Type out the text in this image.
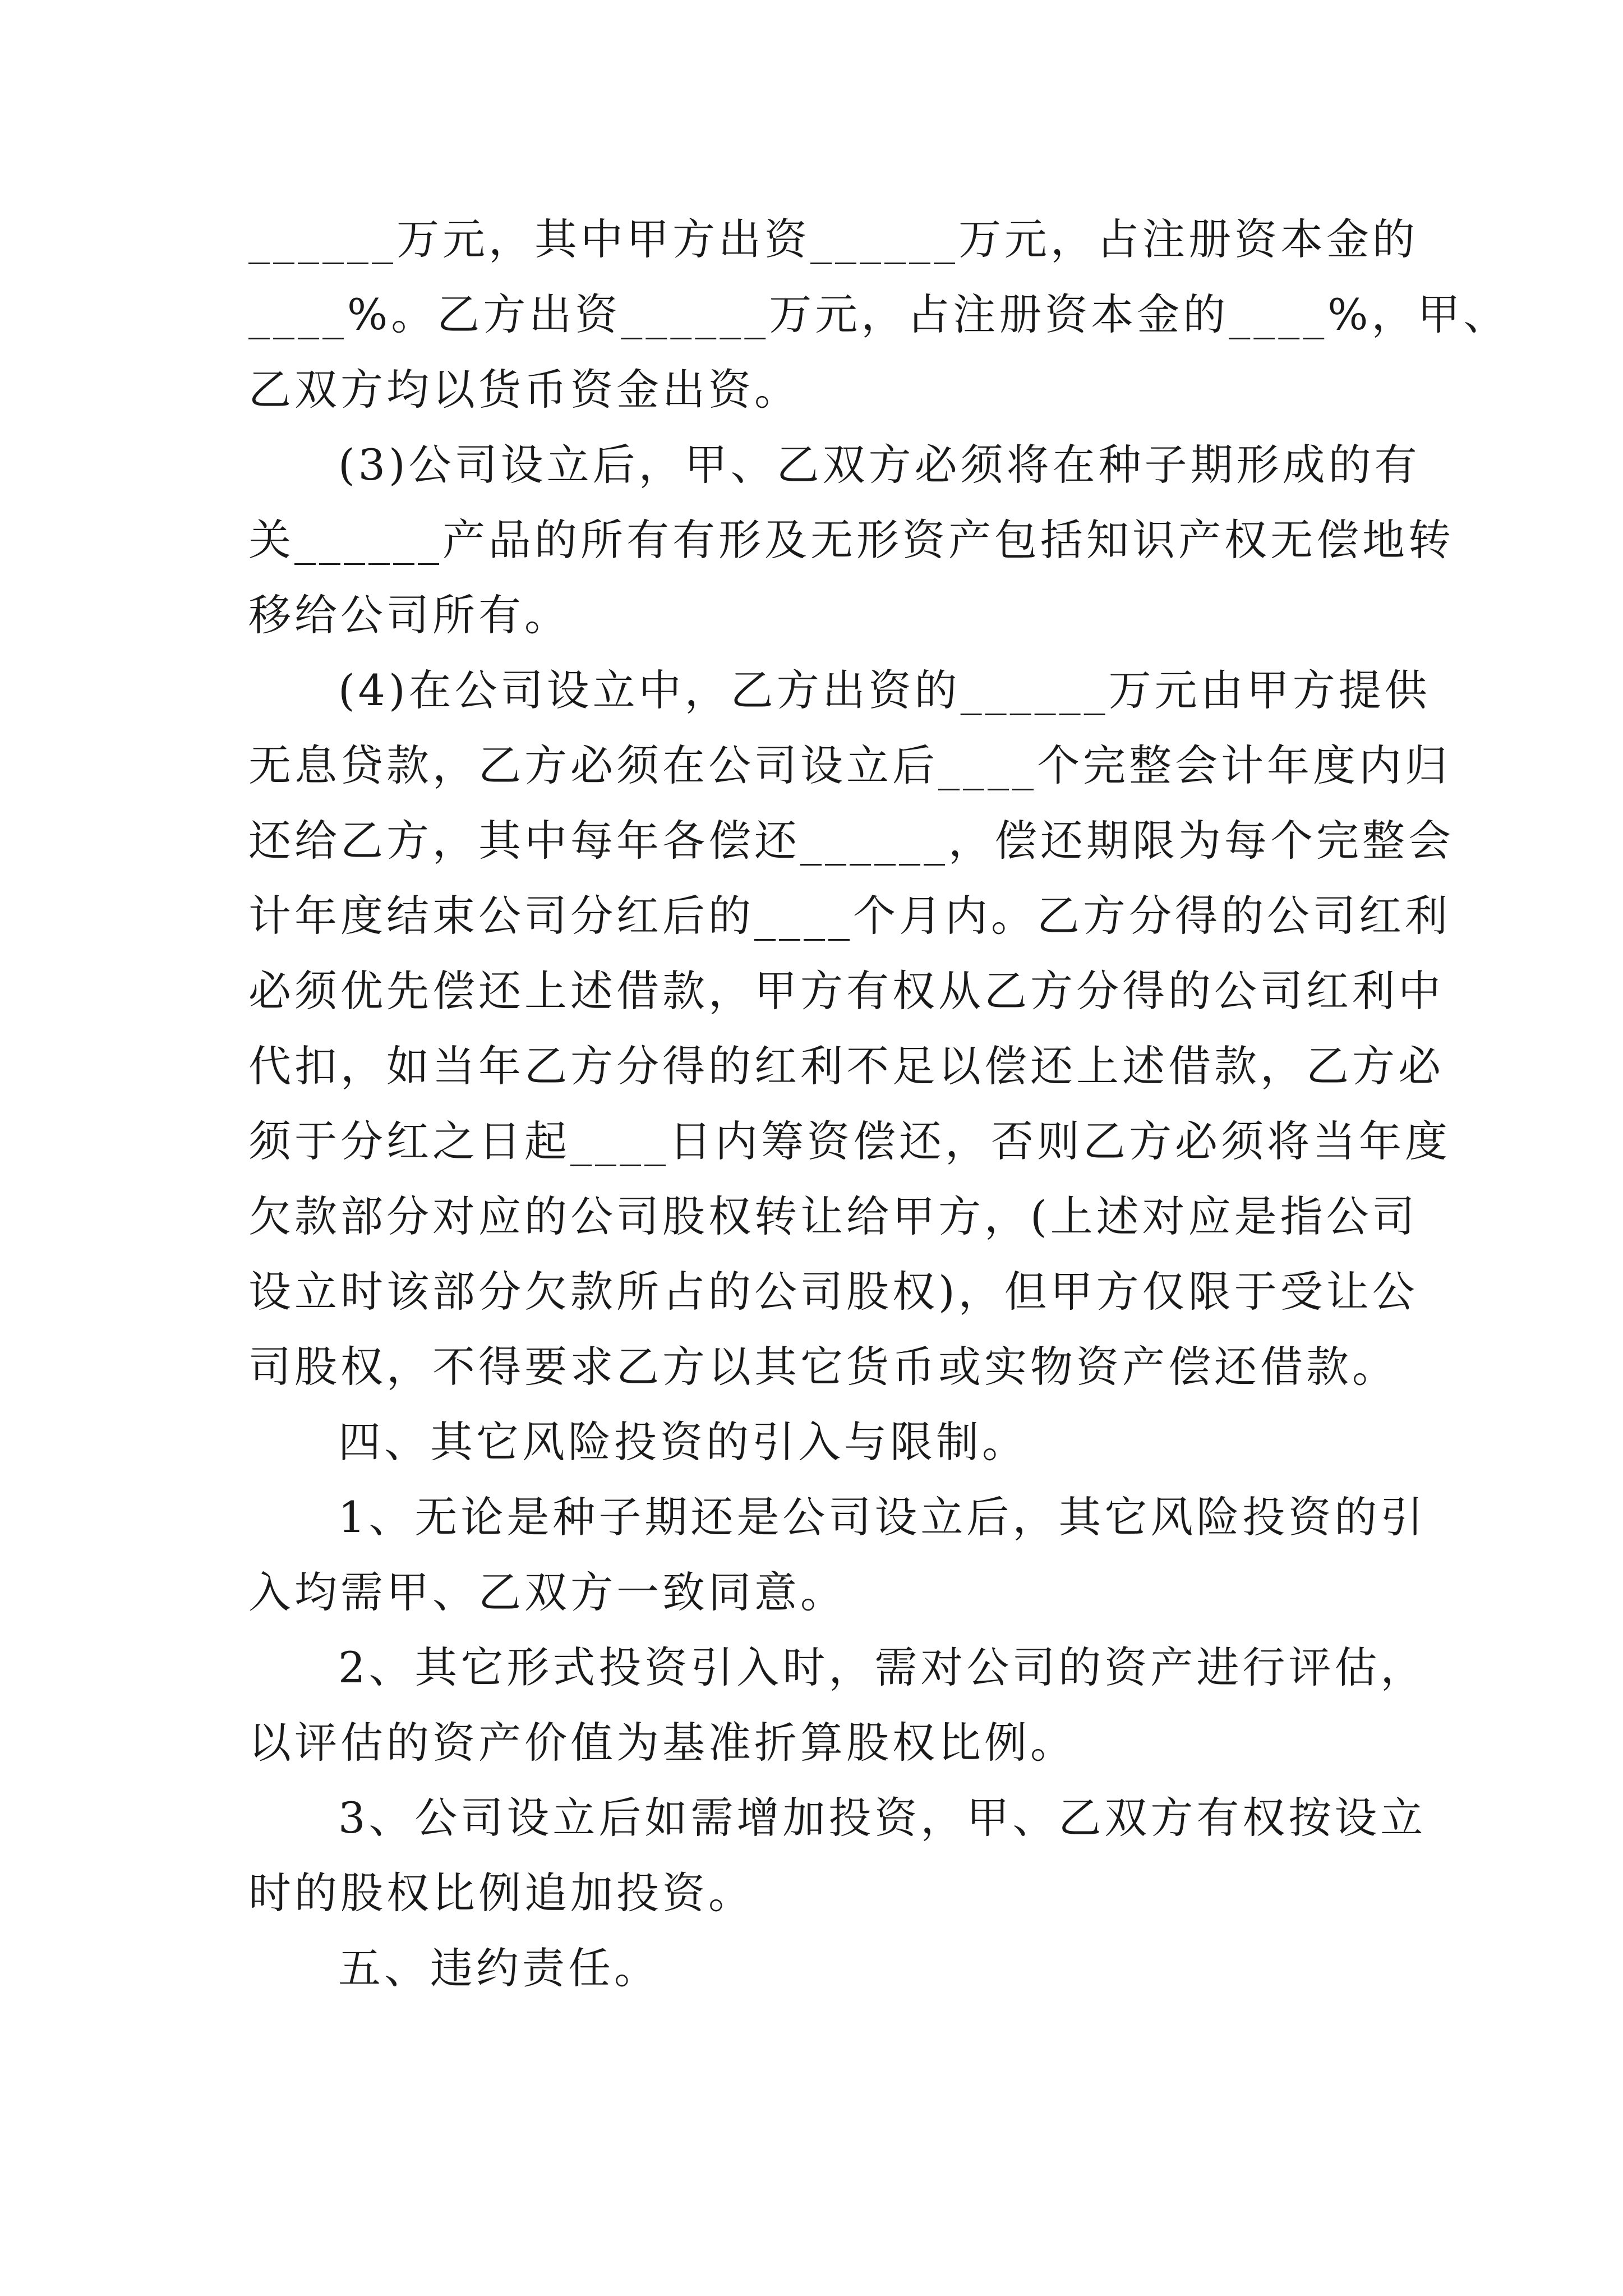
______万元，其中甲方出资______万元，占注册资本金的
____%。乙方出资______万元，占注册资本金的____%，甲、
乙双方均以货币资金出资。
(3)公司设立后，甲、乙双方必须将在种子期形成的有
关______产品的所有有形及无形资产包括知识产权无偿地转
移给公司所有。
(4)在公司设立中，乙方出资的______万元由甲方提供
无息贷款，乙方必须在公司设立后____个完整会计年度内归
还给乙方，其中每年各偿还______，偿还期限为每个完整会
计年度结束公司分红后的____个月内。乙方分得的公司红利
必须优先偿还上述借款，甲方有权从乙方分得的公司红利中
代扣，如当年乙方分得的红利不足以偿还上述借款，乙方必
须于分红之日起____日内筹资偿还，否则乙方必须将当年度
欠款部分对应的公司股权转让给甲方，(上述对应是指公司
设立时该部分欠款所占的公司股权)，但甲方仅限于受让公
司股权，不得要求乙方以其它货币或实物资产偿还借款。
四、其它风险投资的引入与限制。
1、无论是种子期还是公司设立后，其它风险投资的引
入均需甲、乙双方一致同意。
2、其它形式投资引入时，需对公司的资产进行评估，
以评估的资产价值为基准折算股权比例。
3、公司设立后如需增加投资，甲、乙双方有权按设立
时的股权比例追加投资。
五、违约责任。
